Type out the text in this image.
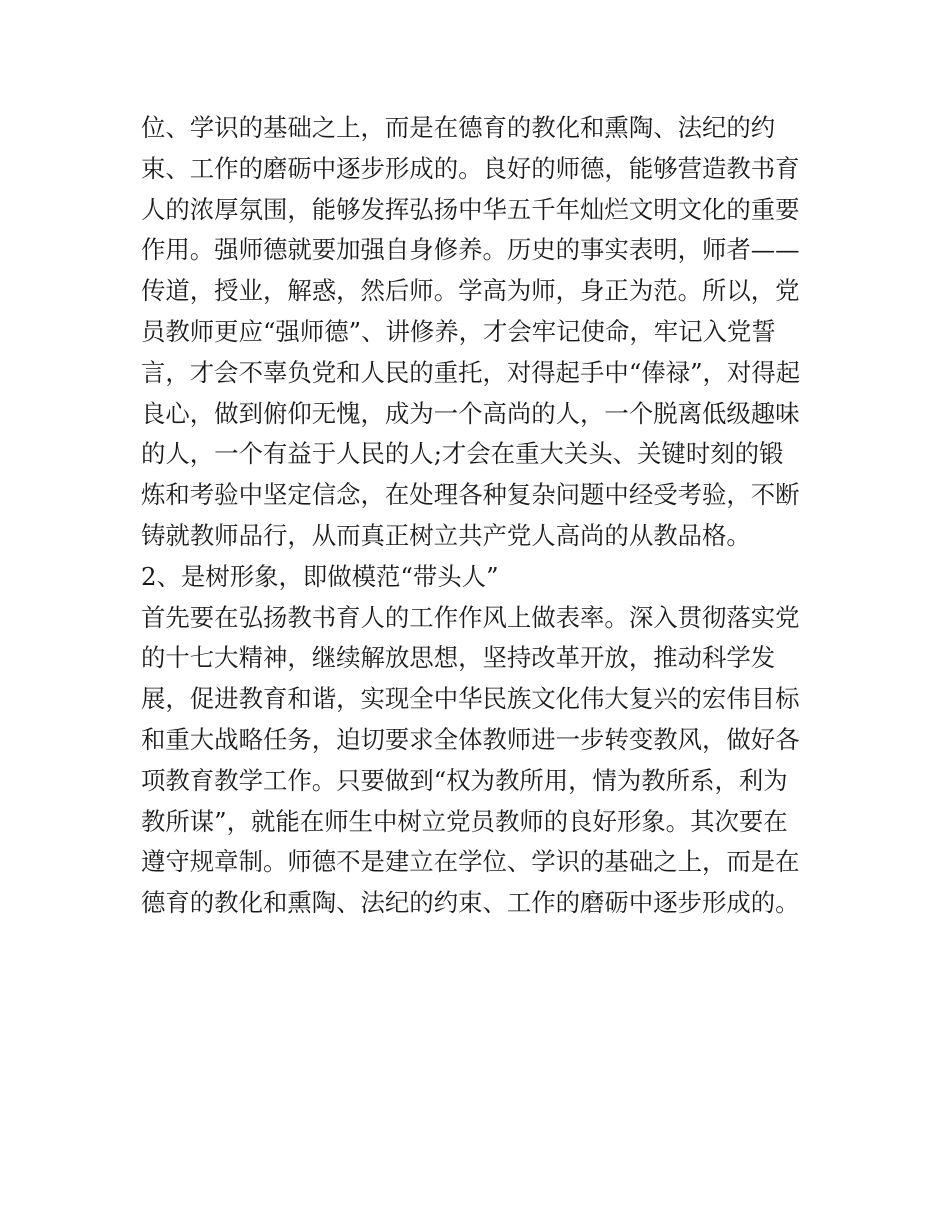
位、学识的基础之上，而是在德育的教化和熏陶、法纪的约
束、工作的磨砺中逐步形成的。良好的师德，能够营造教书育
人的浓厚氛围，能够发挥弘扬中华五千年灿烂文明文化的重要
作用。强师德就要加强自身修养。历史的事实表明，师者——
传道，授业，解惑，然后师。学高为师，身正为范。所以，党
员教师更应“强师德”、讲修养，才会牢记使命，牢记入党誓
言，才会不辜负党和人民的重托，对得起手中“俸禄”，对得起
良心，做到俯仰无愧，成为一个高尚的人，一个脱离低级趣味
的人，一个有益于人民的人;才会在重大关头、关键时刻的锻
炼和考验中坚定信念，在处理各种复杂问题中经受考验，不断
铸就教师品行，从而真正树立共产党人高尚的从教品格。
2、是树形象，即做模范“带头人”
首先要在弘扬教书育人的工作作风上做表率。深入贯彻落实党
的十七大精神，继续解放思想，坚持改革开放，推动科学发
展，促进教育和谐，实现全中华民族文化伟大复兴的宏伟目标
和重大战略任务，迫切要求全体教师进一步转变教风，做好各
项教育教学工作。只要做到“权为教所用，情为教所系，利为
教所谋”，就能在师生中树立党员教师的良好形象。其次要在
遵守规章制。师德不是建立在学位、学识的基础之上，而是在
德育的教化和熏陶、法纪的约束、工作的磨砺中逐步形成的。
